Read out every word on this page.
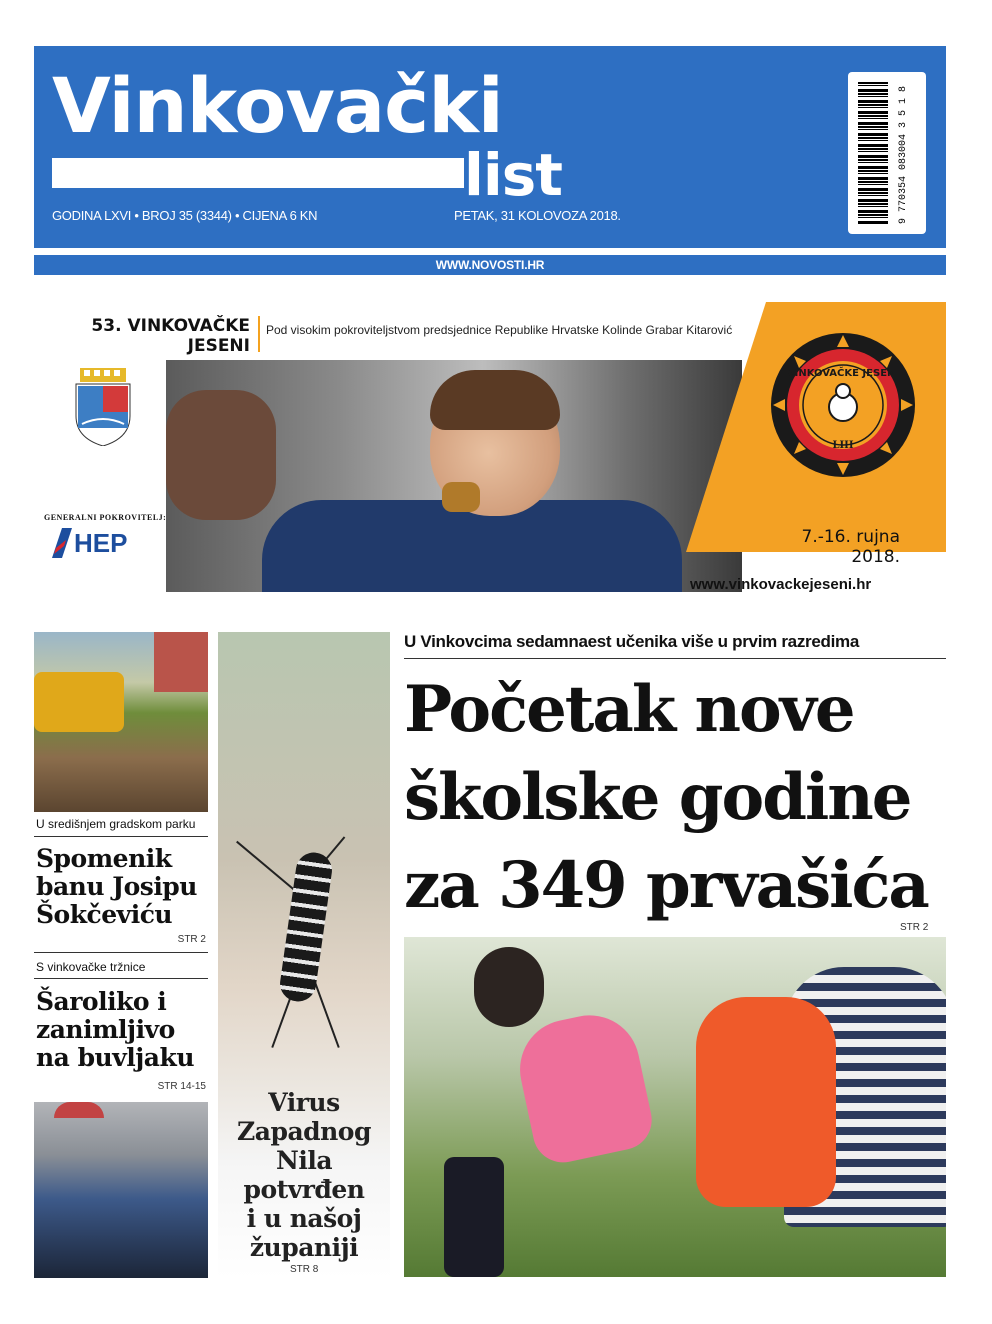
Vinkovački
list
GODINA LXVI • BROJ 35 (3344) • CIJENA 6 KN	PETAK, 31 KOLOVOZA 2018.	9 770354 083004 3 5 1 8
WWW.NOVOSTI.HR
53. VINKOVAČKE
JESENI
Pod visokim pokroviteljstvom predsjednice Republike Hrvatske Kolinde Grabar Kitarović
GENERALNI POKROVITELJ:
HEP
VINKOVAČKE JESENI
LIII
7.-16. rujna
2018.
www.vinkovackejeseni.hr
U središnjem gradskom parku
Spomenik
banu Josipu
Šokčeviću
STR 2
S vinkovačke tržnice
Šaroliko i
zanimljivo
na buvljaku
STR 14-15
Virus
Zapadnog
Nila
potvrđen
i u našoj
županiji
STR 8
U Vinkovcima sedamnaest učenika više u prvim razredima
Početak nove
školske godine
za 349 prvašića
STR 2
